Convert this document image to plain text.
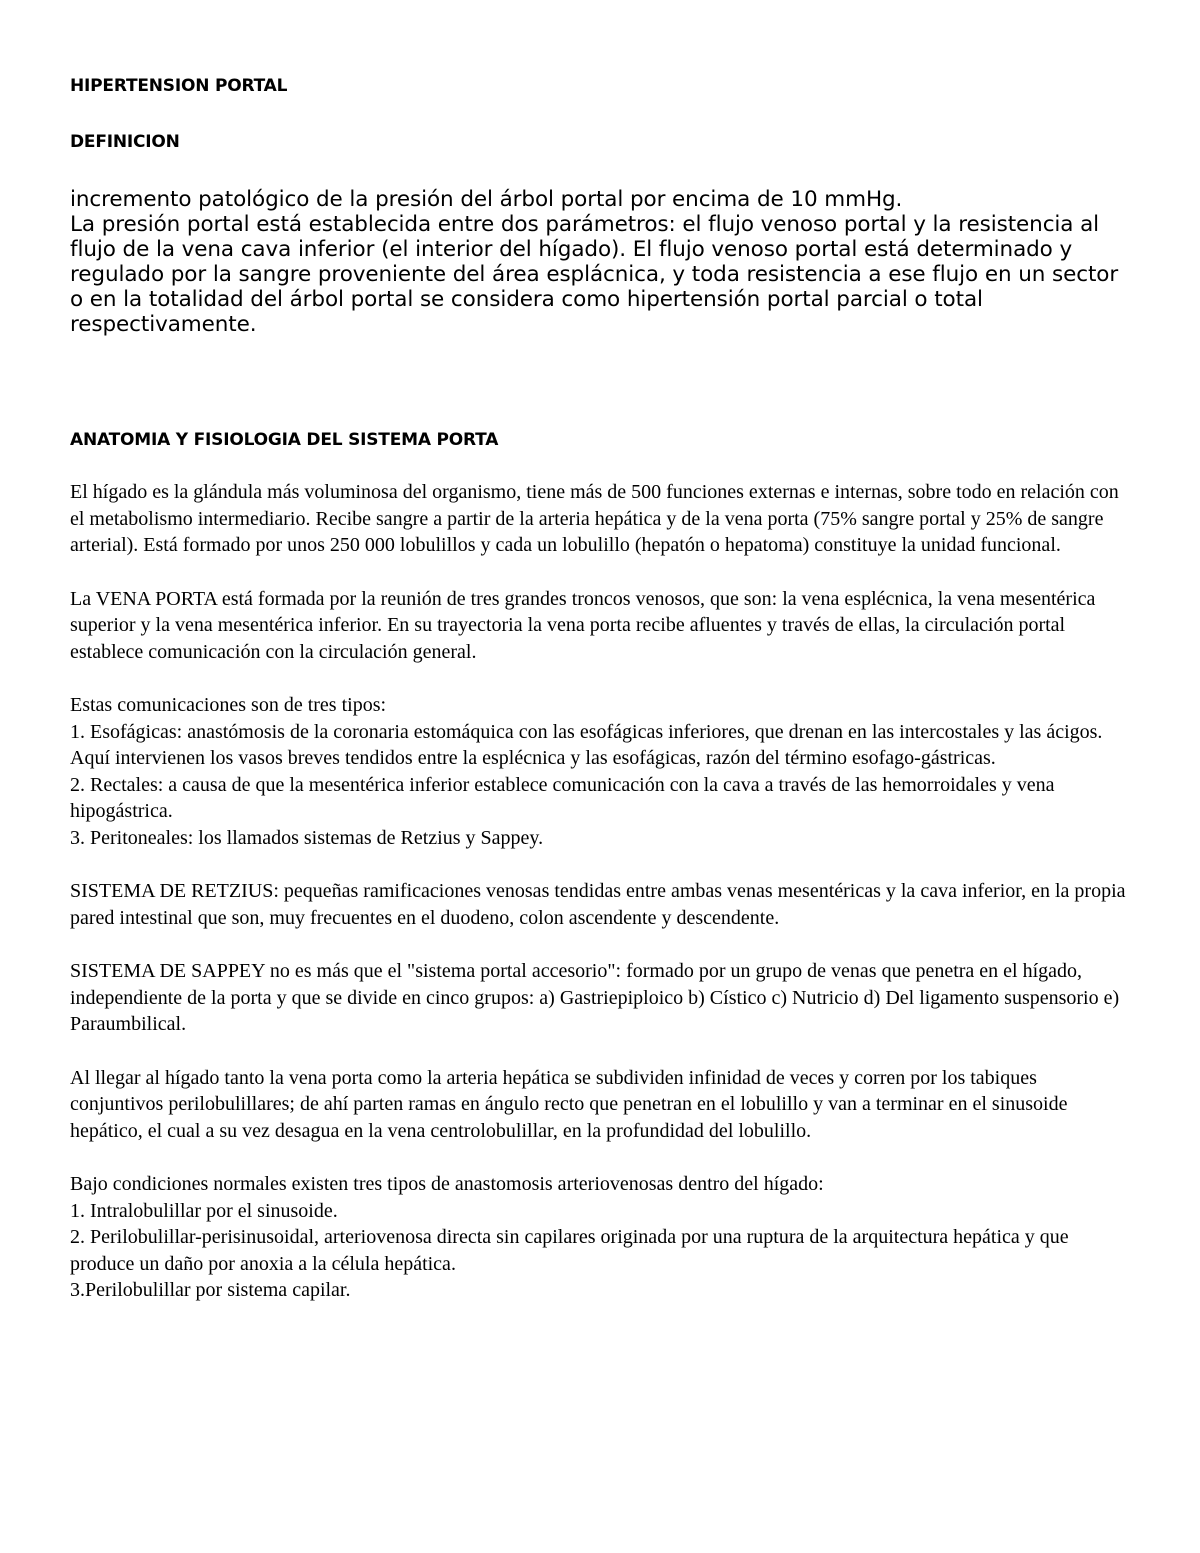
HIPERTENSION PORTAL
DEFINICION
incremento patológico de la presión del árbol portal por encima de 10 mmHg.
La presión portal está establecida entre dos parámetros: el flujo venoso portal y la resistencia al flujo de la vena cava inferior (el interior del hígado). El flujo venoso portal está determinado y regulado por la sangre proveniente del área esplácnica, y toda resistencia a ese flujo en un sector o en la totalidad del árbol portal se considera como hipertensión portal parcial o total respectivamente.
ANATOMIA Y FISIOLOGIA DEL SISTEMA PORTA

El hígado es la glándula más voluminosa del organismo, tiene más de 500 funciones externas e internas, sobre todo en relación con el metabolismo intermediario. Recibe sangre a partir de la arteria hepática y de la vena porta (75% sangre portal y 25% de sangre arterial). Está formado por unos 250 000 lobulillos y cada un lobulillo (hepatón o hepatoma) constituye la unidad funcional.

La VENA PORTA está formada por la reunión de tres grandes troncos venosos, que son: la vena esplécnica, la vena mesentérica superior y la vena mesentérica inferior. En su trayectoria la vena porta recibe afluentes y través de ellas, la circulación portal establece comunicación con la circulación general.

Estas comunicaciones son de tres tipos:
1. Esofágicas: anastómosis de la coronaria estomáquica con las esofágicas inferiores, que drenan en las intercostales y las ácigos. Aquí intervienen los vasos breves tendidos entre la esplécnica y las esofágicas, razón del término esofago-gástricas.
2. Rectales: a causa de que la mesentérica inferior establece comunicación con la cava a través de las hemorroidales y vena hipogástrica.
3. Peritoneales: los llamados sistemas de Retzius y Sappey.

SISTEMA DE RETZIUS: pequeñas ramificaciones venosas tendidas entre ambas venas mesentéricas y la cava inferior, en la propia pared intestinal que son, muy frecuentes en el duodeno, colon ascendente y descendente.

SISTEMA DE SAPPEY no es más que el "sistema portal accesorio": formado por un grupo de venas que penetra en el hígado, independiente de la porta y que se divide en cinco grupos: a) Gastriepiploico b) Cístico c) Nutricio d) Del ligamento suspensorio e) Paraumbilical.

Al llegar al hígado tanto la vena porta como la arteria hepática se subdividen infinidad de veces y corren por los tabiques conjuntivos perilobulillares; de ahí parten ramas en ángulo recto que penetran en el lobulillo y van a terminar en el sinusoide hepático, el cual a su vez desagua en la vena centrolobulillar, en la profundidad del lobulillo.

Bajo condiciones normales existen tres tipos de anastomosis arteriovenosas dentro del hígado:
1. Intralobulillar por el sinusoide.
2. Perilobulillar-perisinusoidal, arteriovenosa directa sin capilares originada por una ruptura de la arquitectura hepática y que produce un daño por anoxia a la célula hepática.
3.Perilobulillar por sistema capilar.
